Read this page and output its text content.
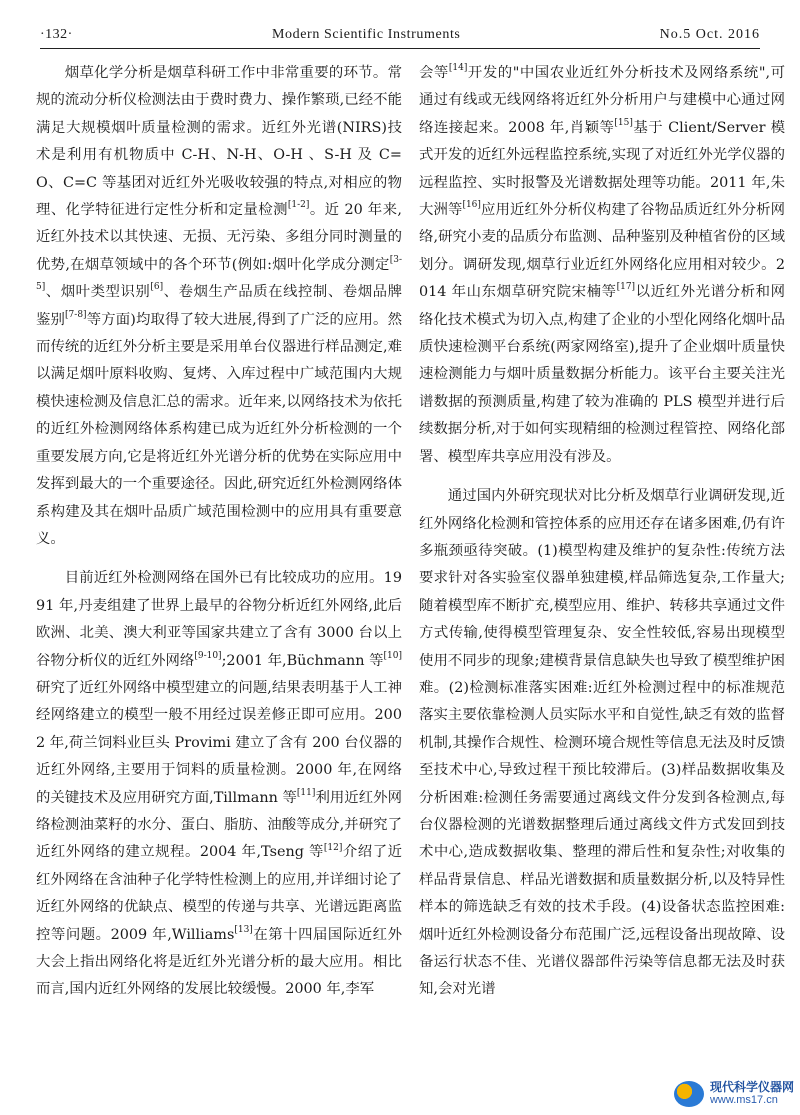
·132·	Modern Scientific Instruments	No.5 Oct. 2016

烟草化学分析是烟草科研工作中非常重要的环节。常规的流动分析仪检测法由于费时费力、操作繁琐,已经不能满足大规模烟叶质量检测的需求。近红外光谱(NIRS)技术是利用有机物质中 C-H、N-H、O-H 、S-H 及 C=O、C=C 等基团对近红外光吸收较强的特点,对相应的物理、化学特征进行定性分析和定量检测[1-2]。近 20 年来,近红外技术以其快速、无损、无污染、多组分同时测量的优势,在烟草领域中的各个环节(例如:烟叶化学成分测定[3-5]、烟叶类型识别[6]、卷烟生产品质在线控制、卷烟品牌鉴别[7-8]等方面)均取得了较大进展,得到了广泛的应用。然而传统的近红外分析主要是采用单台仪器进行样品测定,难以满足烟叶原料收购、复烤、入库过程中广域范围内大规模快速检测及信息汇总的需求。近年来,以网络技术为依托的近红外检测网络体系构建已成为近红外分析检测的一个重要发展方向,它是将近红外光谱分析的优势在实际应用中发挥到最大的一个重要途径。因此,研究近红外检测网络体系构建及其在烟叶品质广域范围检测中的应用具有重要意义。

目前近红外检测网络在国外已有比较成功的应用。1991 年,丹麦组建了世界上最早的谷物分析近红外网络,此后欧洲、北美、澳大利亚等国家共建立了含有 3000 台以上谷物分析仪的近红外网络[9-10];2001 年,Büchmann 等[10]研究了近红外网络中模型建立的问题,结果表明基于人工神经网络建立的模型一般不用经过误差修正即可应用。2002 年,荷兰饲料业巨头 Provimi 建立了含有 200 台仪器的近红外网络,主要用于饲料的质量检测。2000 年,在网络的关键技术及应用研究方面,Tillmann 等[11]利用近红外网络检测油菜籽的水分、蛋白、脂肪、油酸等成分,并研究了近红外网络的建立规程。2004 年,Tseng 等[12]介绍了近红外网络在含油种子化学特性检测上的应用,并详细讨论了近红外网络的优缺点、模型的传递与共享、光谱远距离监控等问题。2009 年,Williams[13]在第十四届国际近红外大会上指出网络化将是近红外光谱分析的最大应用。相比而言,国内近红外网络的发展比较缓慢。2000 年,李军

会等[14]开发的"中国农业近红外分析技术及网络系统",可通过有线或无线网络将近红外分析用户与建模中心通过网络连接起来。2008 年,肖颖等[15]基于 Client/Server 模式开发的近红外远程监控系统,实现了对近红外光学仪器的远程监控、实时报警及光谱数据处理等功能。2011 年,朱大洲等[16]应用近红外分析仪构建了谷物品质近红外分析网络,研究小麦的品质分布监测、品种鉴别及种植省份的区域划分。调研发现,烟草行业近红外网络化应用相对较少。2014 年山东烟草研究院宋楠等[17]以近红外光谱分析和网络化技术模式为切入点,构建了企业的小型化网络化烟叶品质快速检测平台系统(两家网络室),提升了企业烟叶质量快速检测能力与烟叶质量数据分析能力。该平台主要关注光谱数据的预测质量,构建了较为准确的 PLS 模型并进行后续数据分析,对于如何实现精细的检测过程管控、网络化部署、模型库共享应用没有涉及。

通过国内外研究现状对比分析及烟草行业调研发现,近红外网络化检测和管控体系的应用还存在诸多困难,仍有许多瓶颈亟待突破。(1)模型构建及维护的复杂性:传统方法要求针对各实验室仪器单独建模,样品筛选复杂,工作量大;随着模型库不断扩充,模型应用、维护、转移共享通过文件方式传输,使得模型管理复杂、安全性较低,容易出现模型使用不同步的现象;建模背景信息缺失也导致了模型维护困难。(2)检测标准落实困难:近红外检测过程中的标准规范落实主要依靠检测人员实际水平和自觉性,缺乏有效的监督机制,其操作合规性、检测环境合规性等信息无法及时反馈至技术中心,导致过程干预比较滞后。(3)样品数据收集及分析困难:检测任务需要通过离线文件分发到各检测点,每台仪器检测的光谱数据整理后通过离线文件方式发回到技术中心,造成数据收集、整理的滞后性和复杂性;对收集的样品背景信息、样品光谱数据和质量数据分析,以及特异性样本的筛选缺乏有效的技术手段。(4)设备状态监控困难:烟叶近红外检测设备分布范围广泛,远程设备出现故障、设备运行状态不佳、光谱仪器部件污染等信息都无法及时获知,会对光谱

现代科学仪器网
www.ms17.cn
